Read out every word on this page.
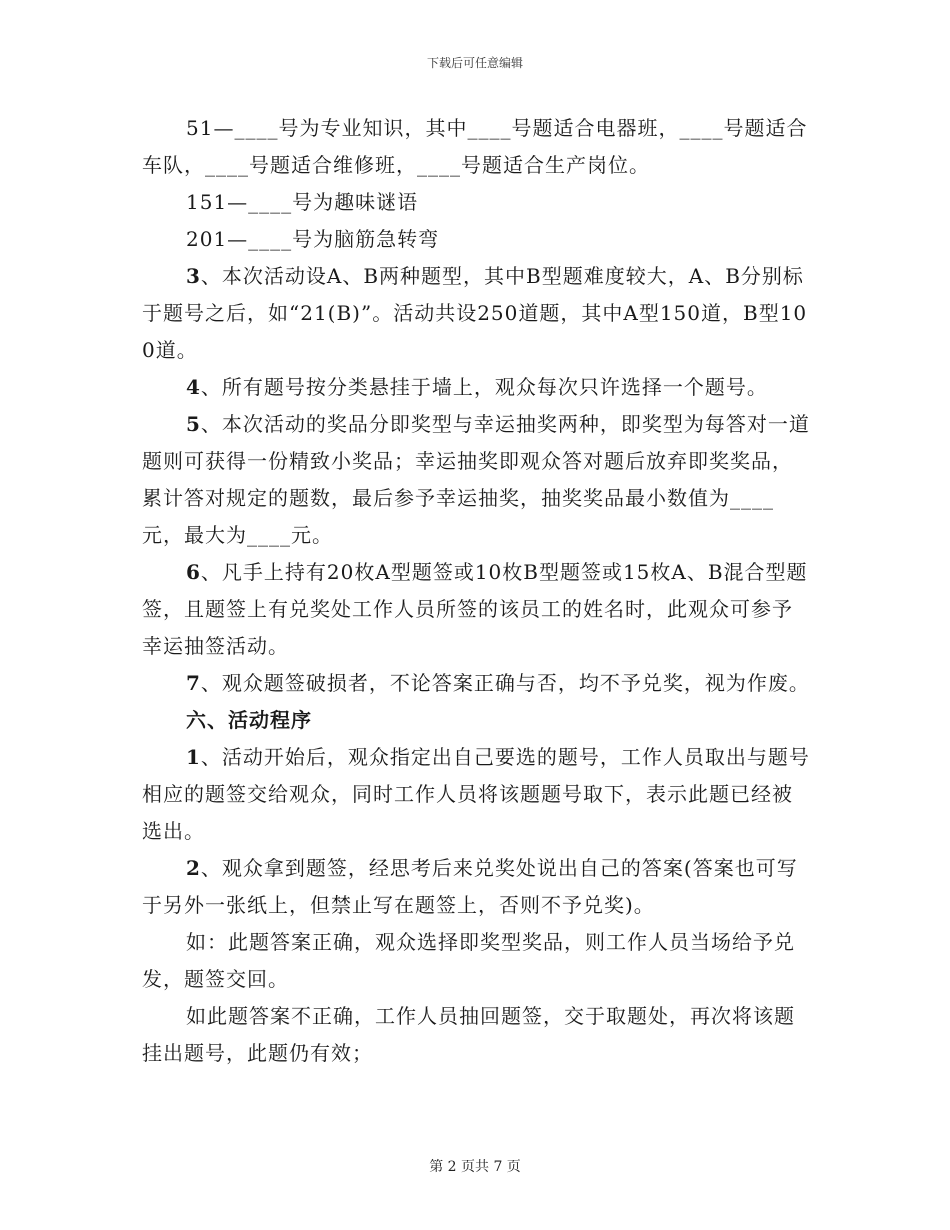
下载后可任意编辑

51—____号为专业知识，其中____号题适合电器班，____号题适合车队，____号题适合维修班，____号题适合生产岗位。

151—____号为趣味谜语

201—____号为脑筋急转弯

3、本次活动设A、B两种题型，其中B型题难度较大，A、B分别标于题号之后，如“21(B)”。活动共设250道题，其中A型150道，B型100道。

4、所有题号按分类悬挂于墙上，观众每次只许选择一个题号。

5、本次活动的奖品分即奖型与幸运抽奖两种，即奖型为每答对一道题则可获得一份精致小奖品；幸运抽奖即观众答对题后放弃即奖奖品，累计答对规定的题数，最后参予幸运抽奖，抽奖奖品最小数值为____元，最大为____元。

6、凡手上持有20枚A型题签或10枚B型题签或15枚A、B混合型题签，且题签上有兑奖处工作人员所签的该员工的姓名时，此观众可参予幸运抽签活动。

7、观众题签破损者，不论答案正确与否，均不予兑奖，视为作废。

六、活动程序

1、活动开始后，观众指定出自己要选的题号，工作人员取出与题号相应的题签交给观众，同时工作人员将该题题号取下，表示此题已经被选出。

2、观众拿到题签，经思考后来兑奖处说出自己的答案(答案也可写于另外一张纸上，但禁止写在题签上，否则不予兑奖)。

如：此题答案正确，观众选择即奖型奖品，则工作人员当场给予兑发，题签交回。

如此题答案不正确，工作人员抽回题签，交于取题处，再次将该题挂出题号，此题仍有效；

第 2 页共 7 页
